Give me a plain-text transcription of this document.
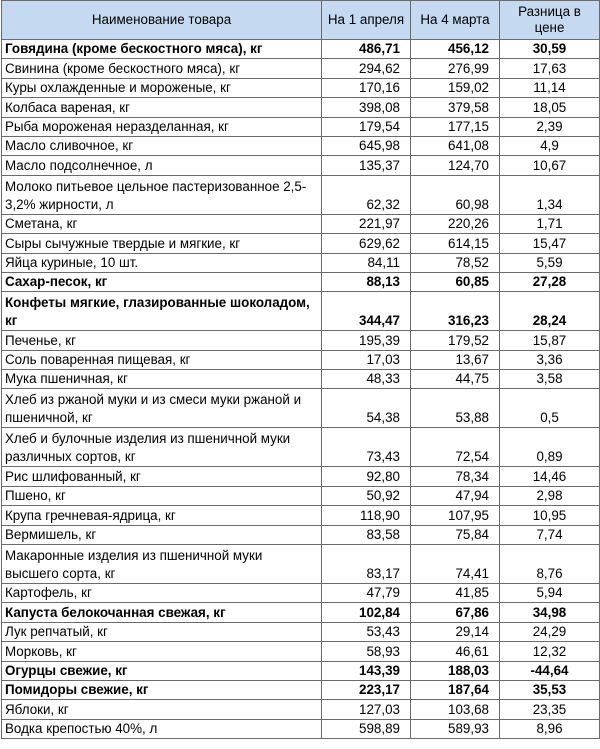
Наименование товара	На 1 апреля	На 4 марта	Разница в цене
Говядина (кроме бескостного мяса), кг	486,71	456,12	30,59
Свинина (кроме бескостного мяса), кг	294,62	276,99	17,63
Куры охлажденные и мороженые, кг	170,16	159,02	11,14
Колбаса вареная, кг	398,08	379,58	18,05
Рыба мороженая неразделанная, кг	179,54	177,15	2,39
Масло сливочное, кг	645,98	641,08	4,9
Масло подсолнечное, л	135,37	124,70	10,67
Молоко питьевое цельное пастеризованное 2,5-3,2% жирности, л	62,32	60,98	1,34
Сметана, кг	221,97	220,26	1,71
Сыры сычужные твердые и мягкие, кг	629,62	614,15	15,47
Яйца куриные, 10 шт.	84,11	78,52	5,59
Сахар-песок, кг	88,13	60,85	27,28
Конфеты мягкие, глазированные шоколадом, кг	344,47	316,23	28,24
Печенье, кг	195,39	179,52	15,87
Соль поваренная пищевая, кг	17,03	13,67	3,36
Мука пшеничная, кг	48,33	44,75	3,58
Хлеб из ржаной муки и из смеси муки ржаной и пшеничной, кг	54,38	53,88	0,5
Хлеб и булочные изделия из пшеничной муки различных сортов, кг	73,43	72,54	0,89
Рис шлифованный, кг	92,80	78,34	14,46
Пшено, кг	50,92	47,94	2,98
Крупа гречневая-ядрица, кг	118,90	107,95	10,95
Вермишель, кг	83,58	75,84	7,74
Макаронные изделия из пшеничной муки высшего сорта, кг	83,17	74,41	8,76
Картофель, кг	47,79	41,85	5,94
Капуста белокочанная свежая, кг	102,84	67,86	34,98
Лук репчатый, кг	53,43	29,14	24,29
Морковь, кг	58,93	46,61	12,32
Огурцы свежие, кг	143,39	188,03	-44,64
Помидоры свежие, кг	223,17	187,64	35,53
Яблоки, кг	127,03	103,68	23,35
Водка крепостью 40%, л	598,89	589,93	8,96
